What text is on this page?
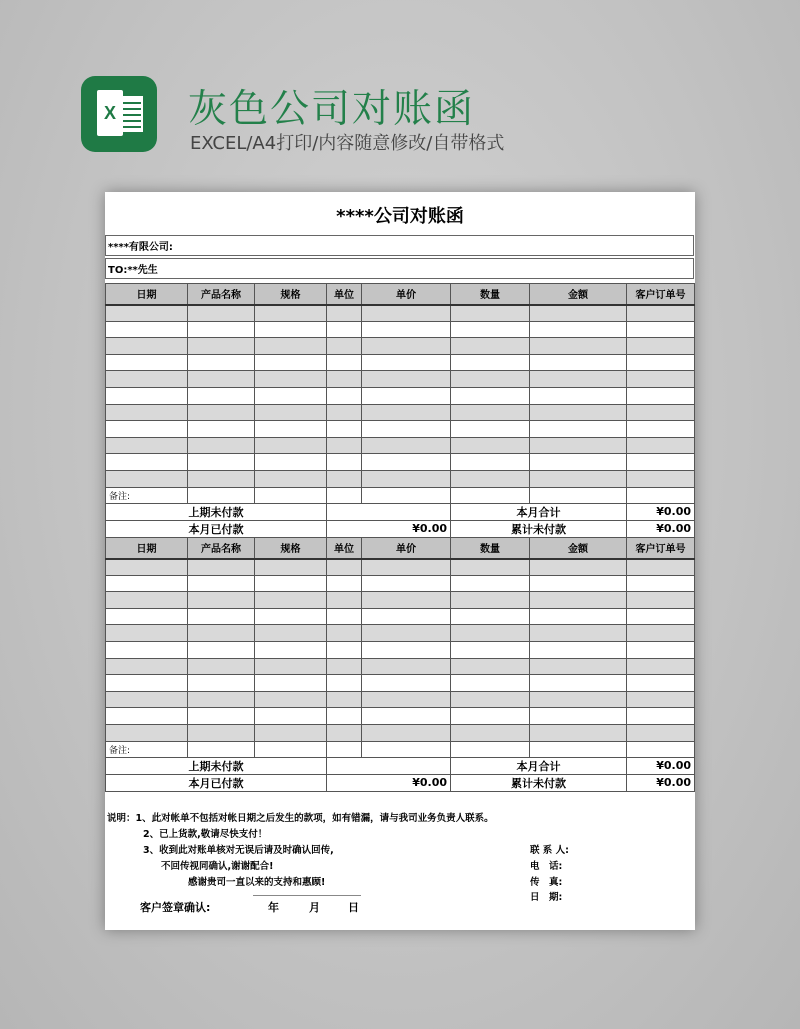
X 灰色公司对账函
EXCEL/A4打印/内容随意修改/自带格式
****公司对账函
****有限公司:
TO:**先生
日期	产品名称	规格	单位	单价	数量	金额	客户订单号

备注:							
上期未付款					本月合计		¥0.00
本月已付款			¥0.00		累计未付款		¥0.00
日期	产品名称	规格	单位	单价	数量	金额	客户订单号

备注:							
上期未付款					本月合计		¥0.00
本月已付款			¥0.00		累计未付款		¥0.00
说明：1、此对帐单不包括对帐日期之后发生的款项，如有错漏，请与我司业务负责人联系。
2、已上货款,敬请尽快支付！
3、收到此对账单核对无误后请及时确认回传,
不回传视同确认,谢谢配合!
感谢贵司一直以来的支持和惠顾!
联 系 人:
电　话:
传　真:
日　期:
客户签章确认:	年	月	日
